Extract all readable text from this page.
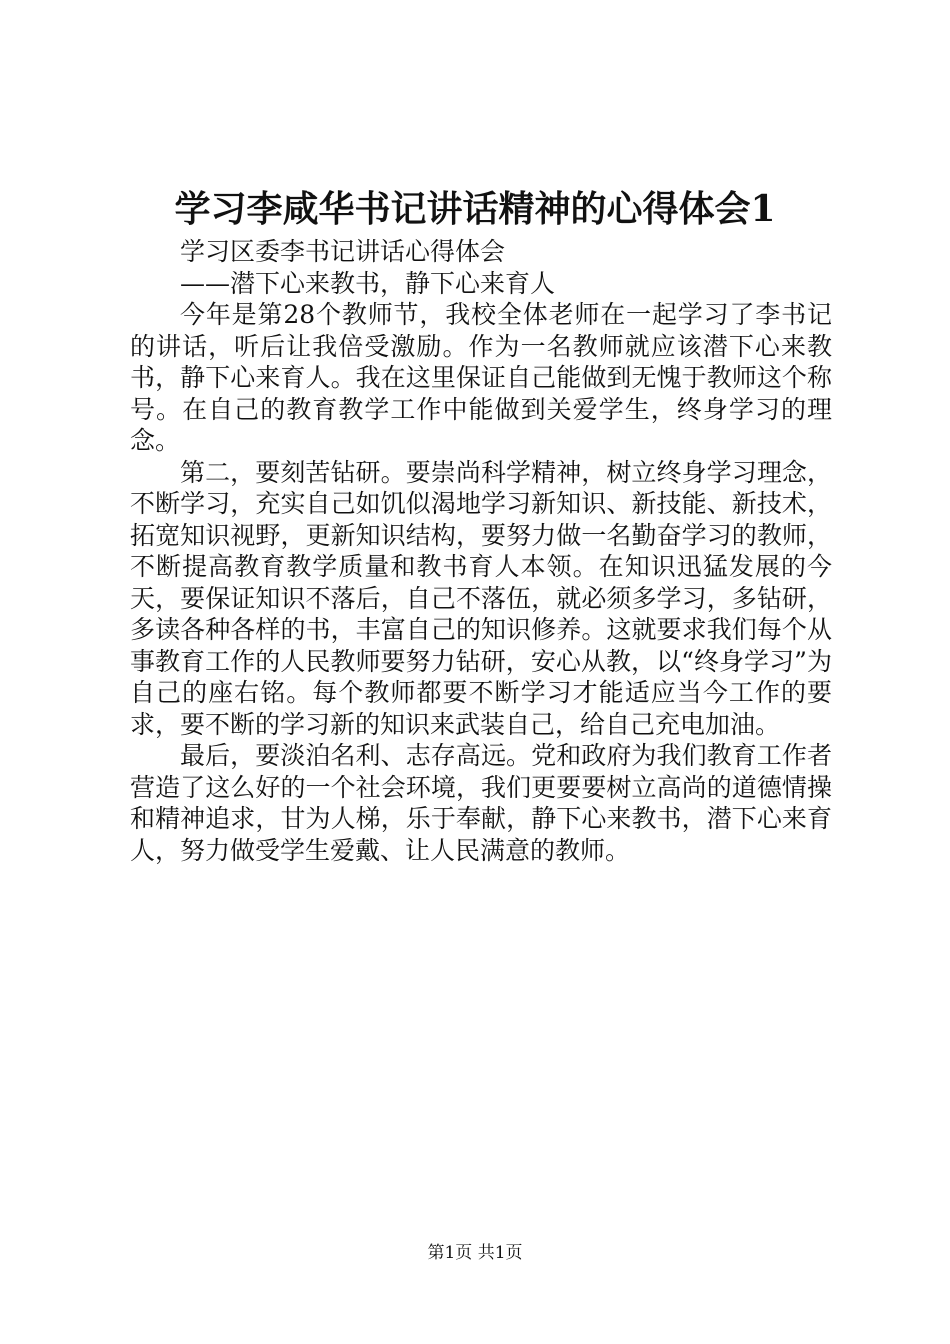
学习李咸华书记讲话精神的心得体会1

学习区委李书记讲话心得体会

——潜下心来教书，静下心来育人

今年是第28个教师节，我校全体老师在一起学习了李书记的讲话，听后让我倍受激励。作为一名教师就应该潜下心来教书，静下心来育人。我在这里保证自己能做到无愧于教师这个称号。在自己的教育教学工作中能做到关爱学生，终身学习的理念。

第二，要刻苦钻研。要崇尚科学精神，树立终身学习理念，不断学习，充实自己如饥似渴地学习新知识、新技能、新技术，拓宽知识视野，更新知识结构，要努力做一名勤奋学习的教师，不断提高教育教学质量和教书育人本领。在知识迅猛发展的今天，要保证知识不落后，自己不落伍，就必须多学习，多钻研，多读各种各样的书，丰富自己的知识修养。这就要求我们每个从事教育工作的人民教师要努力钻研，安心从教，以“终身学习”为自己的座右铭。每个教师都要不断学习才能适应当今工作的要求，要不断的学习新的知识来武装自己，给自己充电加油。

最后，要淡泊名利、志存高远。党和政府为我们教育工作者营造了这么好的一个社会环境，我们更要要树立高尚的道德情操和精神追求，甘为人梯，乐于奉献，静下心来教书，潜下心来育人，努力做受学生爱戴、让人民满意的教师。

第1页 共1页
